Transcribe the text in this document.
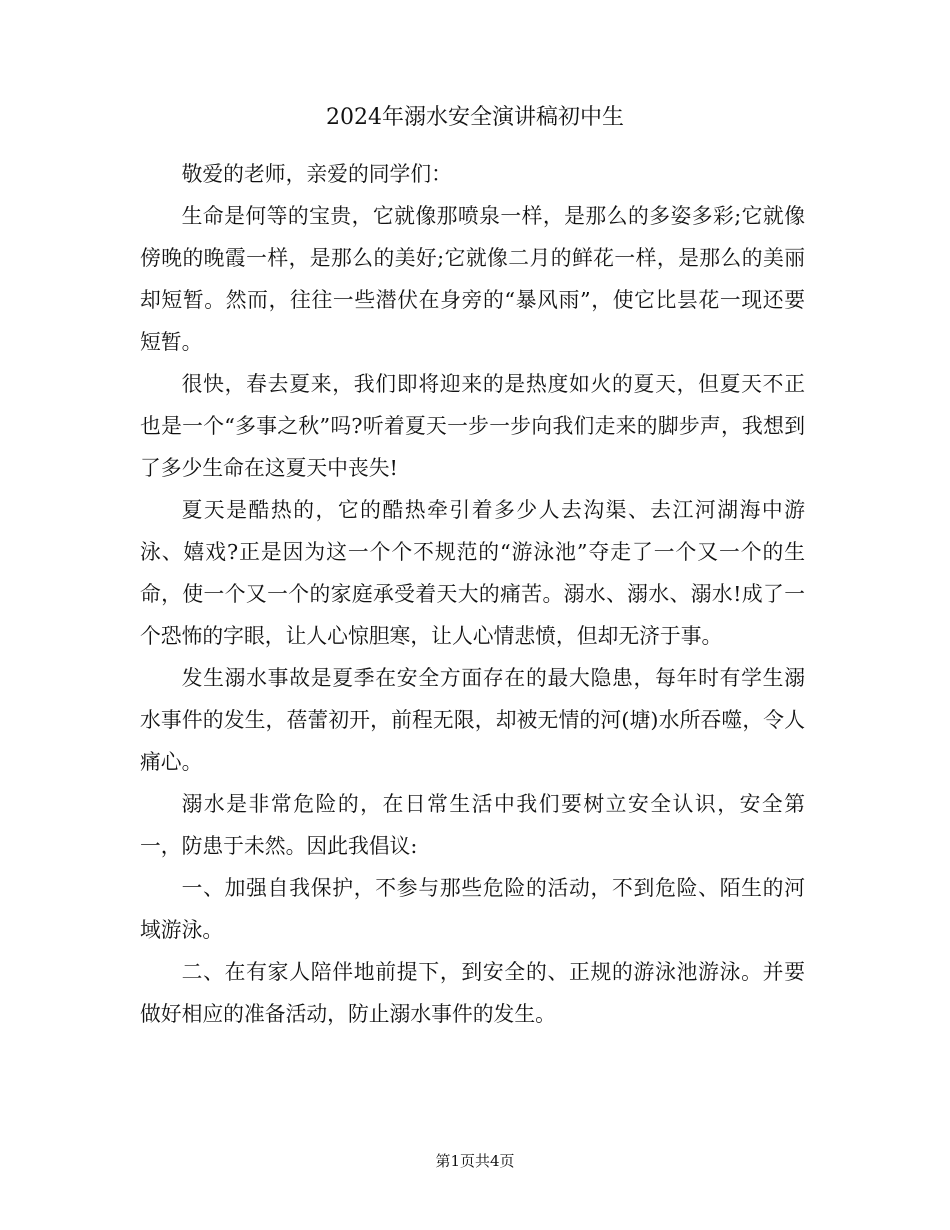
2024年溺水安全演讲稿初中生

敬爱的老师，亲爱的同学们：

生命是何等的宝贵，它就像那喷泉一样，是那么的多姿多彩;它就像傍晚的晚霞一样，是那么的美好;它就像二月的鲜花一样，是那么的美丽却短暂。然而，往往一些潜伏在身旁的“暴风雨”，使它比昙花一现还要短暂。

很快，春去夏来，我们即将迎来的是热度如火的夏天，但夏天不正也是一个“多事之秋”吗?听着夏天一步一步向我们走来的脚步声，我想到了多少生命在这夏天中丧失!

夏天是酷热的，它的酷热牵引着多少人去沟渠、去江河湖海中游泳、嬉戏?正是因为这一个个不规范的“游泳池”夺走了一个又一个的生命，使一个又一个的家庭承受着天大的痛苦。溺水、溺水、溺水!成了一个恐怖的字眼，让人心惊胆寒，让人心情悲愤，但却无济于事。

发生溺水事故是夏季在安全方面存在的最大隐患，每年时有学生溺水事件的发生，蓓蕾初开，前程无限，却被无情的河(塘)水所吞噬，令人痛心。

溺水是非常危险的，在日常生活中我们要树立安全认识，安全第一，防患于未然。因此我倡议:

一、加强自我保护，不参与那些危险的活动，不到危险、陌生的河域游泳。

二、在有家人陪伴地前提下，到安全的、正规的游泳池游泳。并要做好相应的准备活动，防止溺水事件的发生。

第1页共4页
